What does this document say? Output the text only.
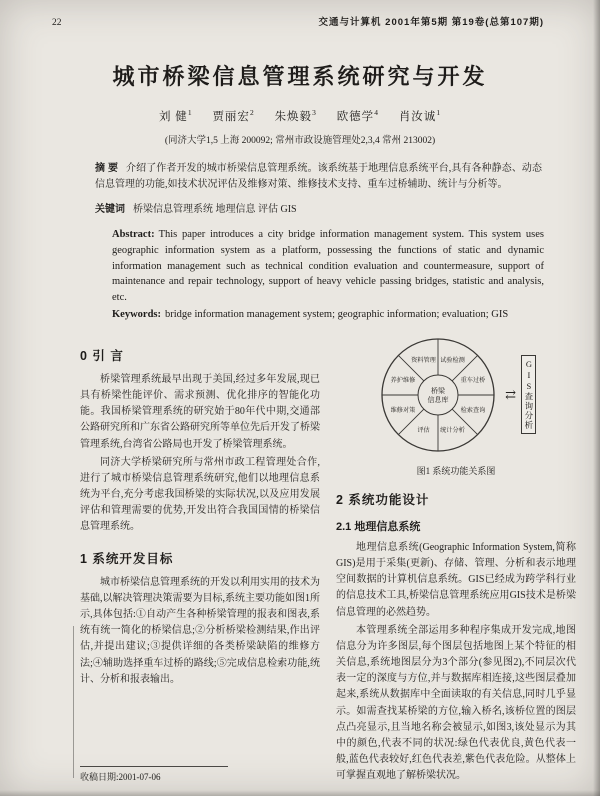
22	交通与计算机 2001年第5期 第19卷(总第107期)
城市桥梁信息管理系统研究与开发
刘 健$^1$ 贾丽宏$^2$ 朱焕毅$^3$ 欧德学$^4$ 肖汝诚$^1$
(同济大学1,5 上海 200092; 常州市政设施管理处2,3,4 常州 213002)

摘 要 介绍了作者开发的城市桥梁信息管理系统。该系统基于地理信息系统平台,具有各种静态、动态信息管理的功能,如技术状况评估及维修对策、维修技术支持、重车过桥辅助、统计与分析等。

关键词 桥梁信息管理系统 地理信息 评估 GIS

Abstract: This paper introduces a city bridge information management system. This system uses geographic information system as a platform, possessing the functions of static and dynamic information management such as technical condition evaluation and countermeasure, support of maintenance and repair technology, support of heavy vehicle passing bridges, statistic and analysis, etc.

Keywords: bridge information management system; geographic information; evaluation; GIS

0 引 言

桥梁管理系统最早出现于美国,经过多年发展,现已具有桥梁性能评价、需求预测、优化排序的智能化功能。我国桥梁管理系统的研究始于80年代中期,交通部公路研究所和广东省公路研究所等单位先后开发了桥梁管理系统,台湾省公路局也开发了桥梁管理系统。

同济大学桥梁研究所与常州市政工程管理处合作,进行了城市桥梁信息管理系统研究,他们以地理信息系统为平台,充分考虑我国桥梁的实际状况,以及应用发展评估和管理需要的优势,开发出符合我国国情的桥梁信息管理系统。

1 系统开发目标

城市桥梁信息管理系统的开发以利用实用的技术为基础,以解决管理决策需要为目标,系统主要功能如图1所示,具体包括:①自动产生各种桥梁管理的报表和图表,系统有统一简化的桥梁信息;②分析桥梁检测结果,作出评估,并提出建议;③提供详细的各类桥梁缺陷的维修方法;④辅助选择重车过桥的路线;⑤完成信息检索功能,统计、分析和报表输出。

桥梁
信息库
检索查询
统计分析
评估
维修对策
养护维修
资料管理 试验检测
重车过桥
⇄ GIS查询分析
图1 系统功能关系图
2 系统功能设计
2.1 地理信息系统

地理信息系统(Geographic Information System,简称GIS)是用于采集(更新)、存储、管理、分析和表示地理空间数据的计算机信息系统。GIS已经成为跨学科行业的信息技术工具,桥梁信息管理系统应用GIS技术是桥梁信息管理的必然趋势。

本管理系统全部运用多种程序集成开发完成,地图信息分为许多图层,每个图层包括地图上某个特征的相关信息,系统地图层分为3个部分(参见图2),不同层次代表一定的深度与方位,并与数据库相连接,这些图层叠加起来,系统从数据库中全面读取的有关信息,同时几乎显示。如需查找某桥梁的方位,输入桥名,该桥位置的图层点凸亮显示,且当地名称会被显示,如图3,该处显示为其中的颜色,代表不同的状况:绿色代表优良,黄色代表一般,蓝色代表较好,红色代表差,紫色代表危险。从整体上可掌握直观地了解桥梁状况。

收稿日期:2001-07-06
